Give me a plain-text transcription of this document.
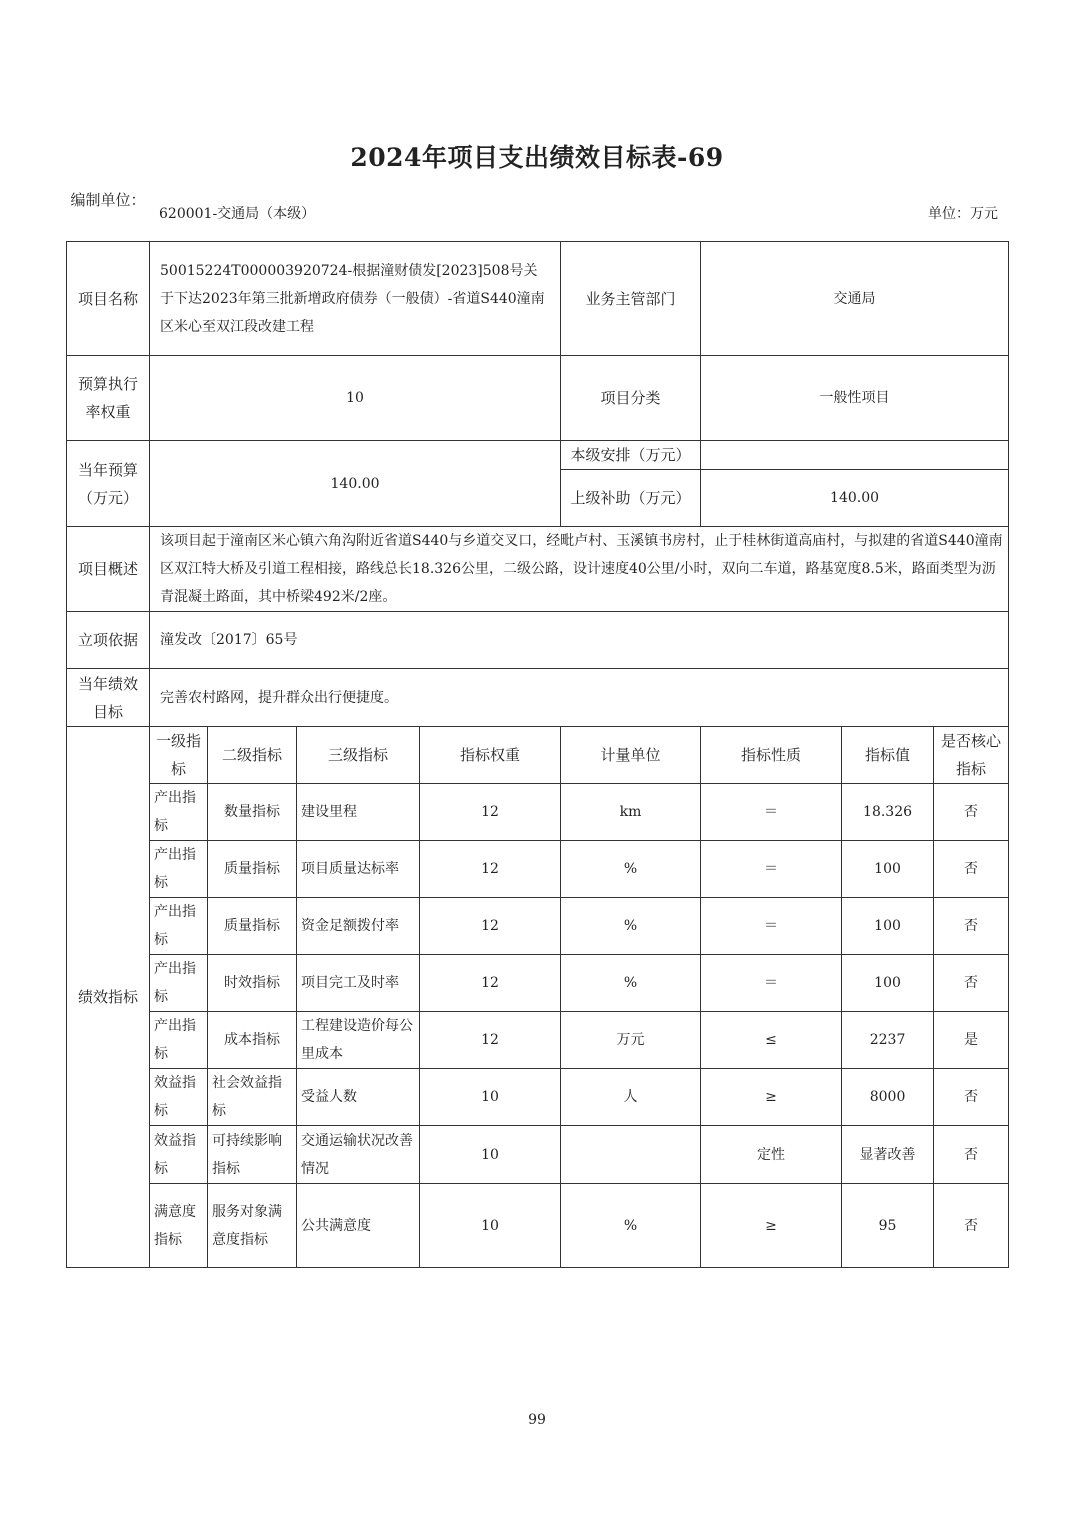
2024年项目支出绩效目标表-69
编制单位：
620001-交通局（本级）	单位：万元
项目名称	50015224T000003920724-根据潼财债发[2023]508号关于下达2023年第三批新增政府债券（一般债）-省道S440潼南区米心至双江段改建工程				业务主管部门	交通局		
预算执行率权重	10				项目分类	一般性项目		
当年预算（万元）	140.00				本级安排（万元）			
					上级补助（万元）	140.00		
项目概述	该项目起于潼南区米心镇六角沟附近省道S440与乡道交叉口，经毗卢村、玉溪镇书房村，止于桂林街道高庙村，与拟建的省道S440潼南区双江特大桥及引道工程相接，路线总长18.326公里，二级公路，设计速度40公里/小时，双向二车道，路基宽度8.5米，路面类型为沥青混凝土路面，其中桥梁492米/2座。							
立项依据	潼发改〔2017〕65号							
当年绩效目标	完善农村路网，提升群众出行便捷度。							
绩效指标	一级指标	二级指标	三级指标	指标权重	计量单位	指标性质	指标值	是否核心指标
	产出指标	数量指标	建设里程	12	km	＝	18.326	否
	产出指标	质量指标	项目质量达标率	12	%	＝	100	否
	产出指标	质量指标	资金足额拨付率	12	%	＝	100	否
	产出指标	时效指标	项目完工及时率	12	%	＝	100	否
	产出指标	成本指标	工程建设造价每公里成本	12	万元	≤	2237	是
	效益指标	社会效益指标	受益人数	10	人	≥	8000	否
	效益指标	可持续影响指标	交通运输状况改善情况	10		定性	显著改善	否
	满意度指标	服务对象满意度指标	公共满意度	10	%	≥	95	否
99
